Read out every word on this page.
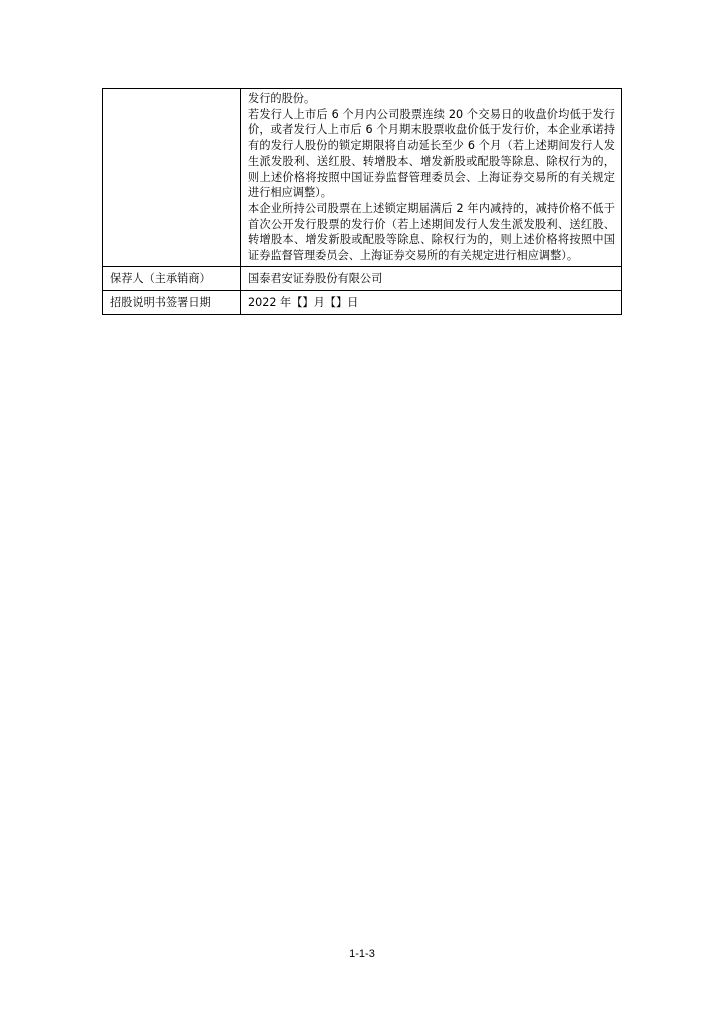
	发行的股份。
若发行人上市后 6 个月内公司股票连续 20 个交易日的收盘价均低于发行价，或者发行人上市后 6 个月期末股票收盘价低于发行价，本企业承诺持有的发行人股份的锁定期限将自动延长至少 6 个月（若上述期间发行人发生派发股利、送红股、转增股本、增发新股或配股等除息、除权行为的，则上述价格将按照中国证券监督管理委员会、上海证券交易所的有关规定进行相应调整）。
本企业所持公司股票在上述锁定期届满后 2 年内减持的，减持价格不低于首次公开发行股票的发行价（若上述期间发行人发生派发股利、送红股、转增股本、增发新股或配股等除息、除权行为的，则上述价格将按照中国证券监督管理委员会、上海证券交易所的有关规定进行相应调整）。

保荐人（主承销商）	国泰君安证券股份有限公司
招股说明书签署日期	2022 年【】月【】日
1-1-3
